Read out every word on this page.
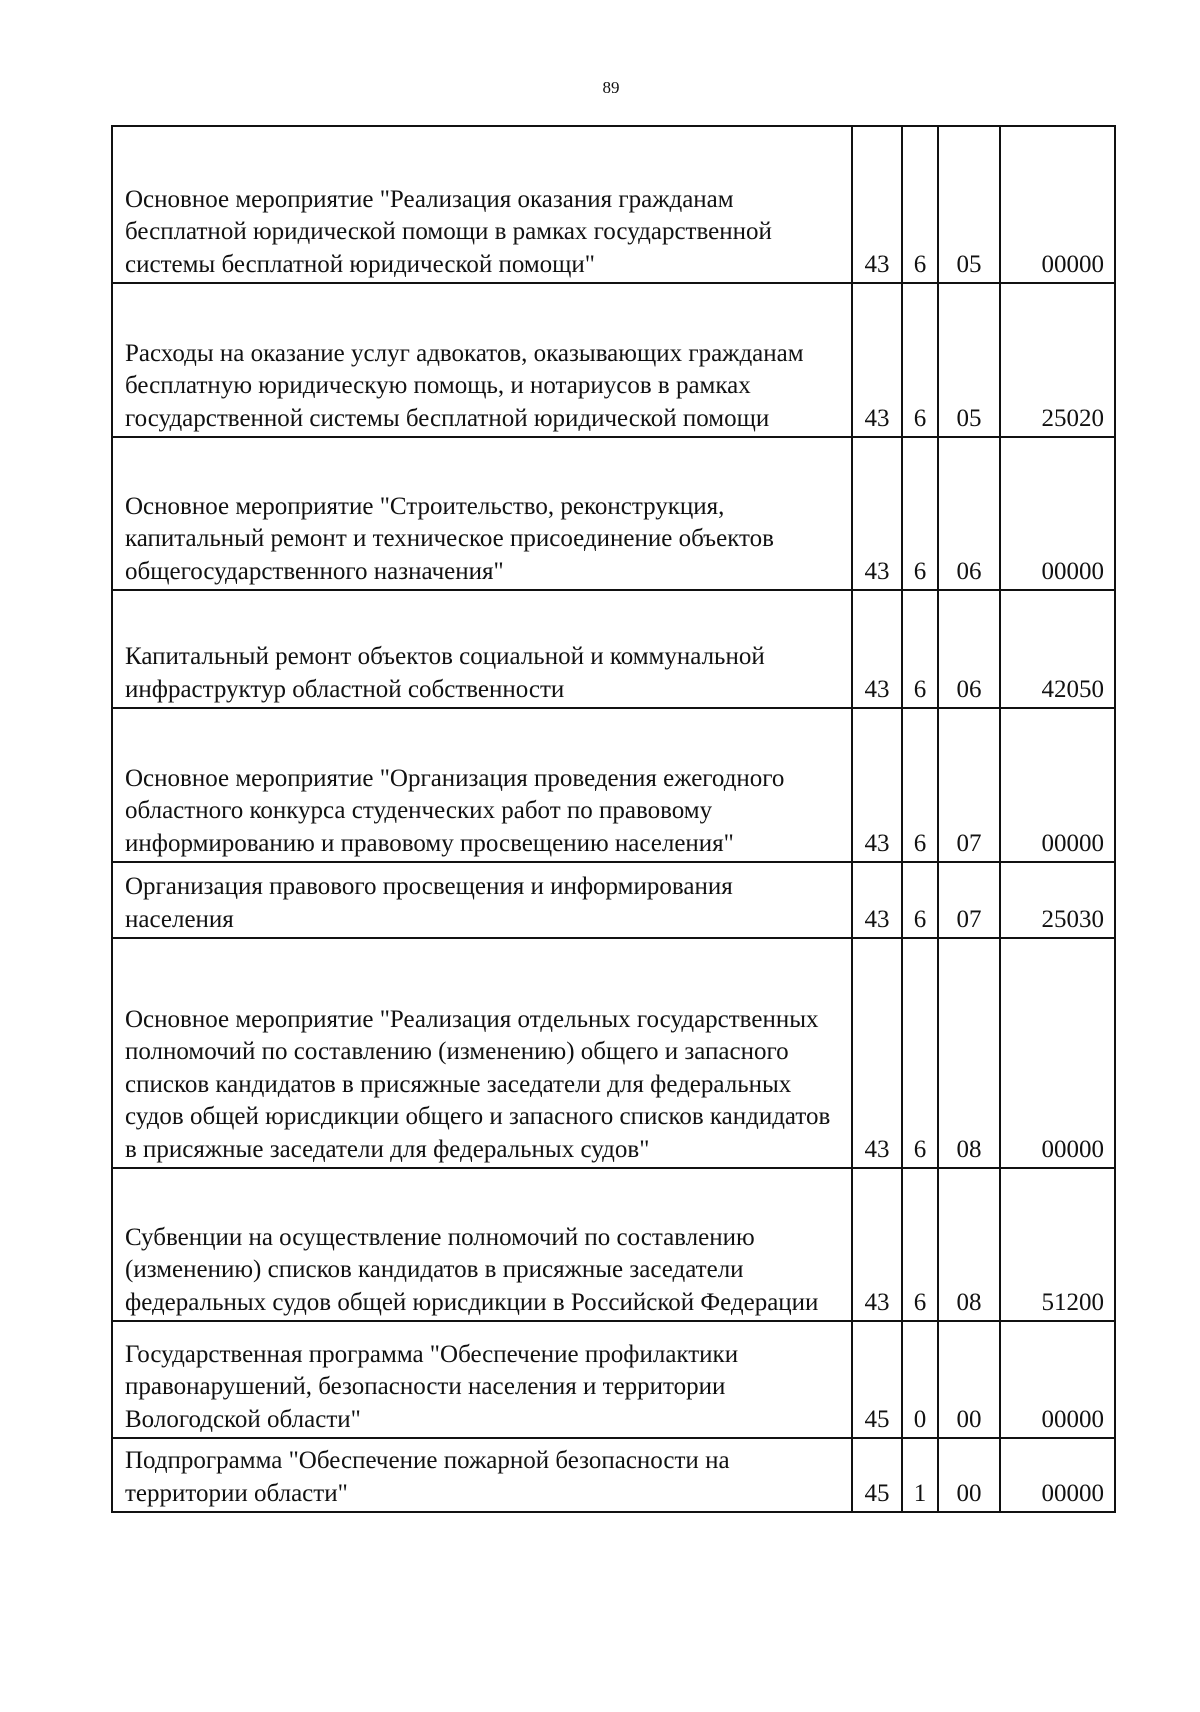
89
Основное мероприятие "Реализация оказания гражданам бесплатной юридической помощи в рамках государственной системы бесплатной юридической помощи"	43	6	05	00000
Расходы на оказание услуг адвокатов, оказывающих гражданам бесплатную юридическую помощь, и нотариусов в рамках государственной системы бесплатной юридической помощи	43	6	05	25020
Основное мероприятие "Строительство, реконструкция, капитальный ремонт и техническое присоединение объектов общегосударственного назначения"	43	6	06	00000
Капитальный ремонт объектов социальной и коммунальной инфраструктур областной собственности	43	6	06	42050
Основное мероприятие "Организация проведения ежегодного областного конкурса студенческих работ по правовому информированию и правовому просвещению населения"	43	6	07	00000
Организация правового просвещения и информирования населения	43	6	07	25030
Основное мероприятие "Реализация отдельных государственных полномочий по составлению (изменению) общего и запасного списков кандидатов в присяжные заседатели для федеральных судов общей юрисдикции общего и запасного списков кандидатов в присяжные заседатели для федеральных судов"	43	6	08	00000
Субвенции на осуществление полномочий по составлению (изменению) списков кандидатов в присяжные заседатели федеральных судов общей юрисдикции в Российской Федерации	43	6	08	51200
Государственная программа "Обеспечение профилактики правонарушений, безопасности населения и территории Вологодской области"	45	0	00	00000
Подпрограмма "Обеспечение пожарной безопасности на территории области"	45	1	00	00000
